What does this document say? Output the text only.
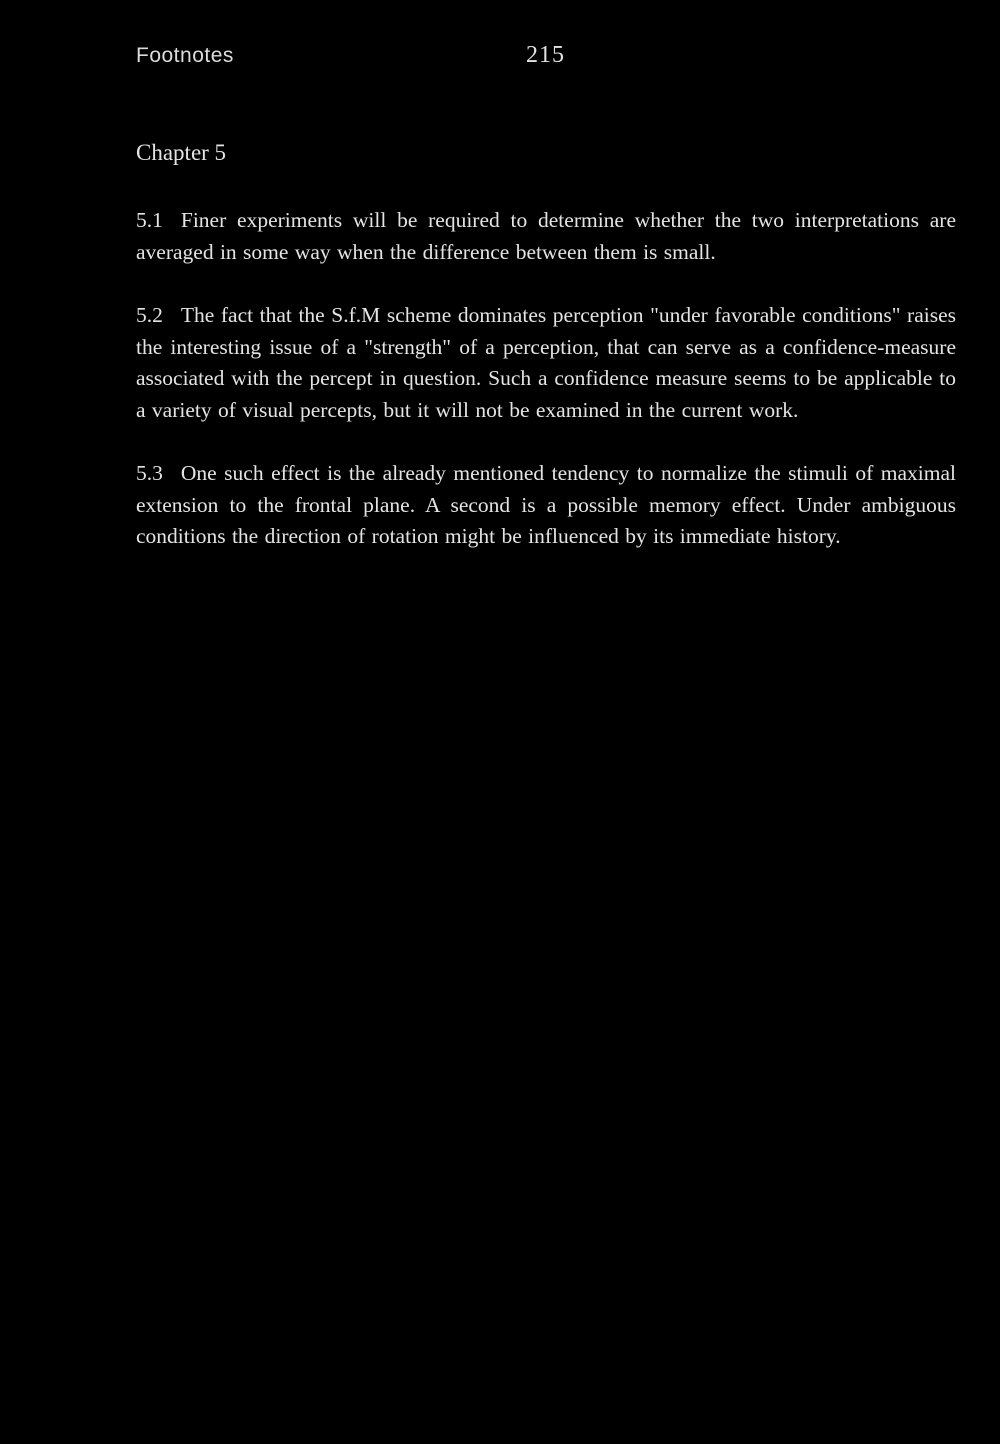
Footnotes	215
Chapter 5

5.1 Finer experiments will be required to determine whether the two interpretations are averaged in some way when the difference between them is small.

5.2 The fact that the S.f.M scheme dominates perception "under favorable conditions" raises the interesting issue of a "strength" of a perception, that can serve as a confidence-measure associated with the percept in question. Such a confidence measure seems to be applicable to a variety of visual percepts, but it will not be examined in the current work.

5.3 One such effect is the already mentioned tendency to normalize the stimuli of maximal extension to the frontal plane. A second is a possible memory effect. Under ambiguous conditions the direction of rotation might be influenced by its immediate history.
